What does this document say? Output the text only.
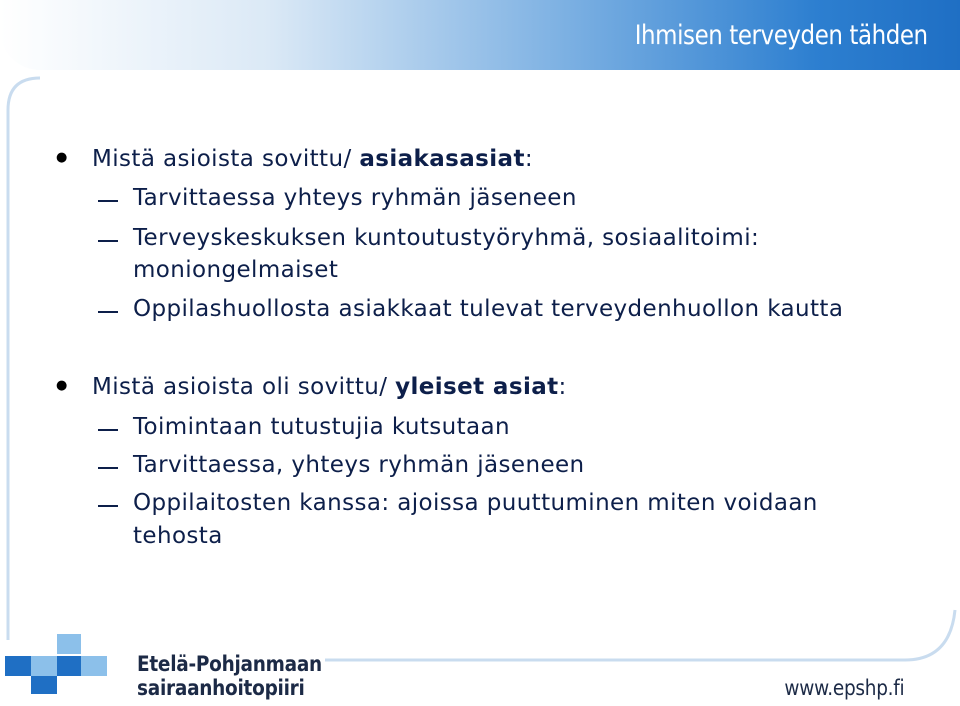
Ihmisen terveyden tähden
● Mistä asioista sovittu/ asiakasasiat:
Tarvittaessa yhteys ryhmän jäseneen
Terveyskeskuksen kuntoutustyöryhmä, sosiaalitoimi:
moniongelmaiset
Oppilashuollosta asiakkaat tulevat terveydenhuollon kautta
● Mistä asioista oli sovittu/ yleiset asiat:
Toimintaan tutustujia kutsutaan
Tarvittaessa, yhteys ryhmän jäseneen
Oppilaitosten kanssa: ajoissa puuttuminen miten voidaan
tehosta
Etelä-Pohjanmaan
sairaanhoitopiiri	www.epshp.fi
